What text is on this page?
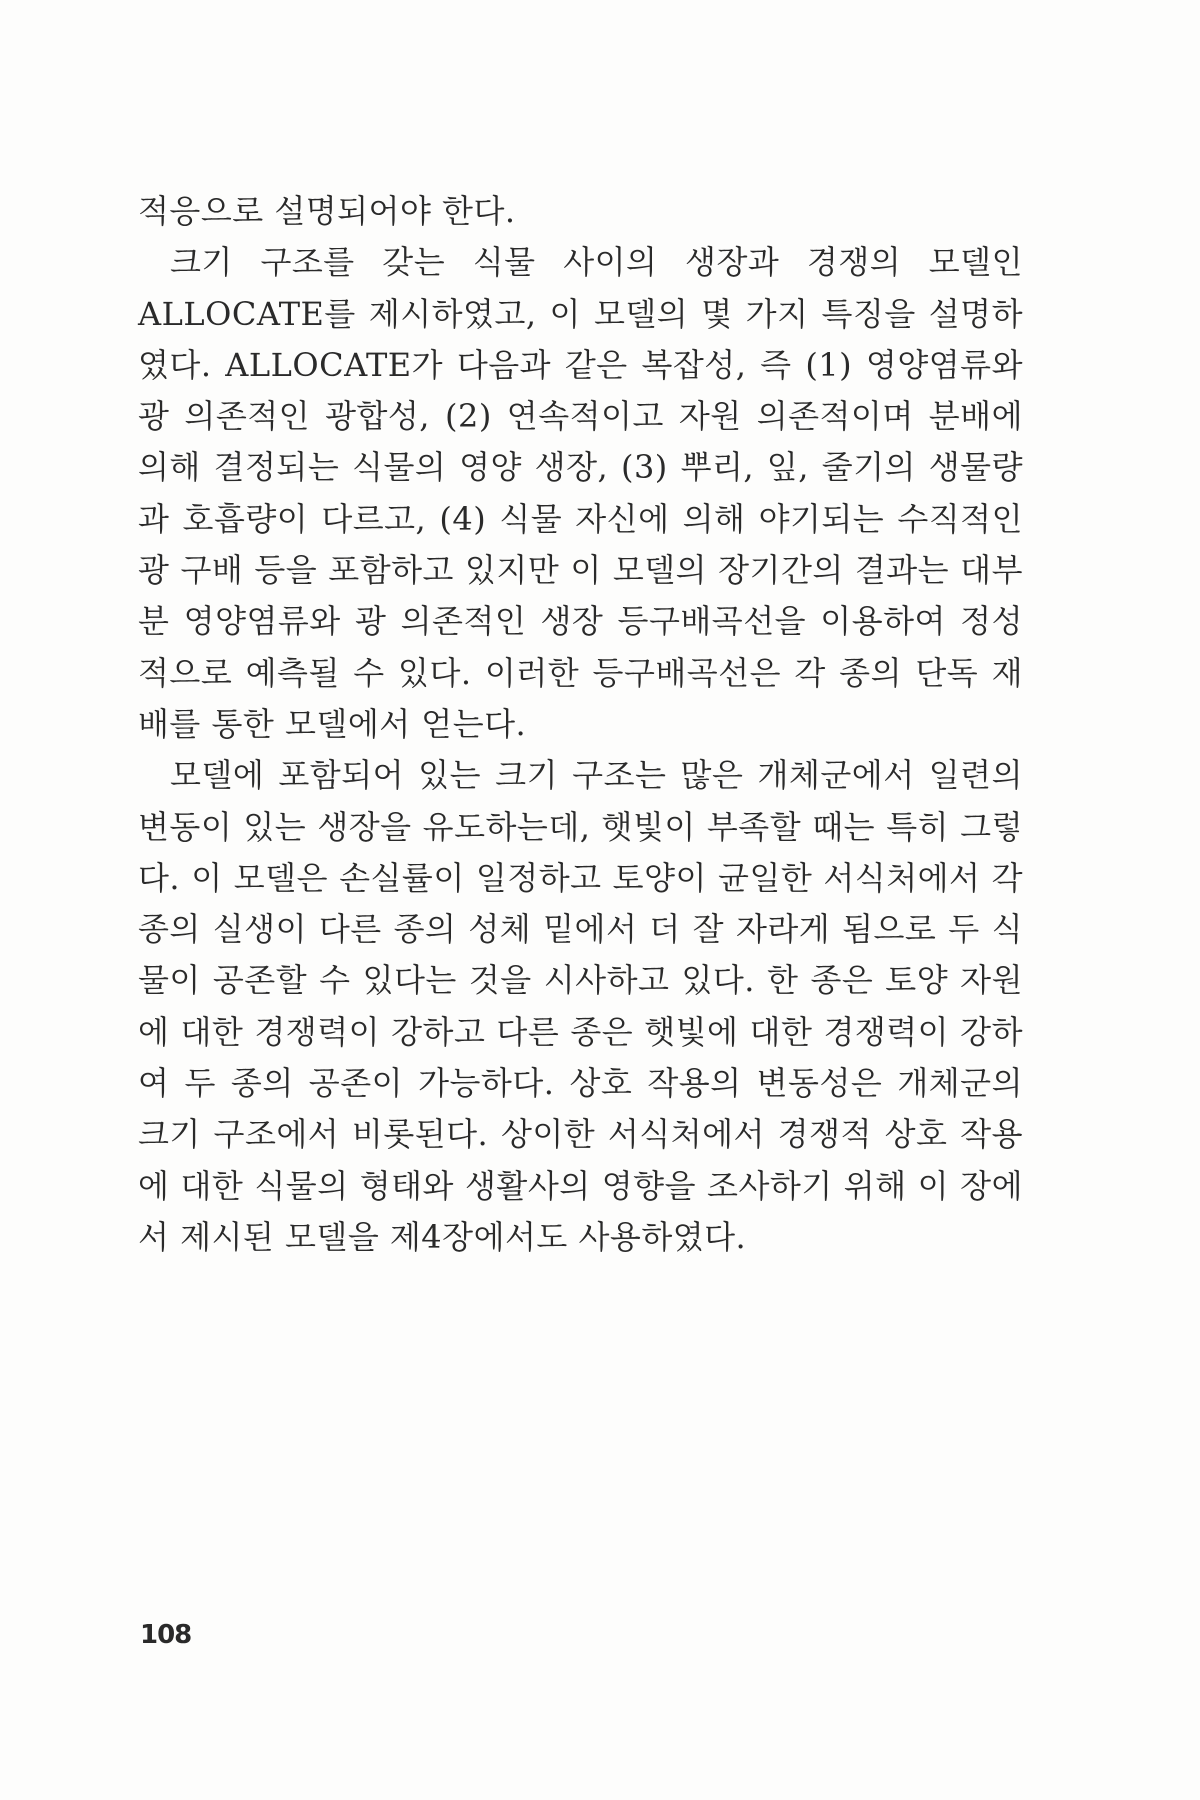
적응으로 설명되어야 한다.

크기 구조를 갖는 식물 사이의 생장과 경쟁의 모델인 ALLOCATE를 제시하였고, 이 모델의 몇 가지 특징을 설명하였다. ALLOCATE가 다음과 같은 복잡성, 즉 (1) 영양염류와 광 의존적인 광합성, (2) 연속적이고 자원 의존적이며 분배에 의해 결정되는 식물의 영양 생장, (3) 뿌리, 잎, 줄기의 생물량과 호흡량이 다르고, (4) 식물 자신에 의해 야기되는 수직적인 광 구배 등을 포함하고 있지만 이 모델의 장기간의 결과는 대부분 영양염류와 광 의존적인 생장 등구배곡선을 이용하여 정성적으로 예측될 수 있다. 이러한 등구배곡선은 각 종의 단독 재배를 통한 모델에서 얻는다.

모델에 포함되어 있는 크기 구조는 많은 개체군에서 일련의 변동이 있는 생장을 유도하는데, 햇빛이 부족할 때는 특히 그렇다. 이 모델은 손실률이 일정하고 토양이 균일한 서식처에서 각 종의 실생이 다른 종의 성체 밑에서 더 잘 자라게 됨으로 두 식물이 공존할 수 있다는 것을 시사하고 있다. 한 종은 토양 자원에 대한 경쟁력이 강하고 다른 종은 햇빛에 대한 경쟁력이 강하여 두 종의 공존이 가능하다. 상호 작용의 변동성은 개체군의 크기 구조에서 비롯된다. 상이한 서식처에서 경쟁적 상호 작용에 대한 식물의 형태와 생활사의 영향을 조사하기 위해 이 장에서 제시된 모델을 제4장에서도 사용하였다.

108
